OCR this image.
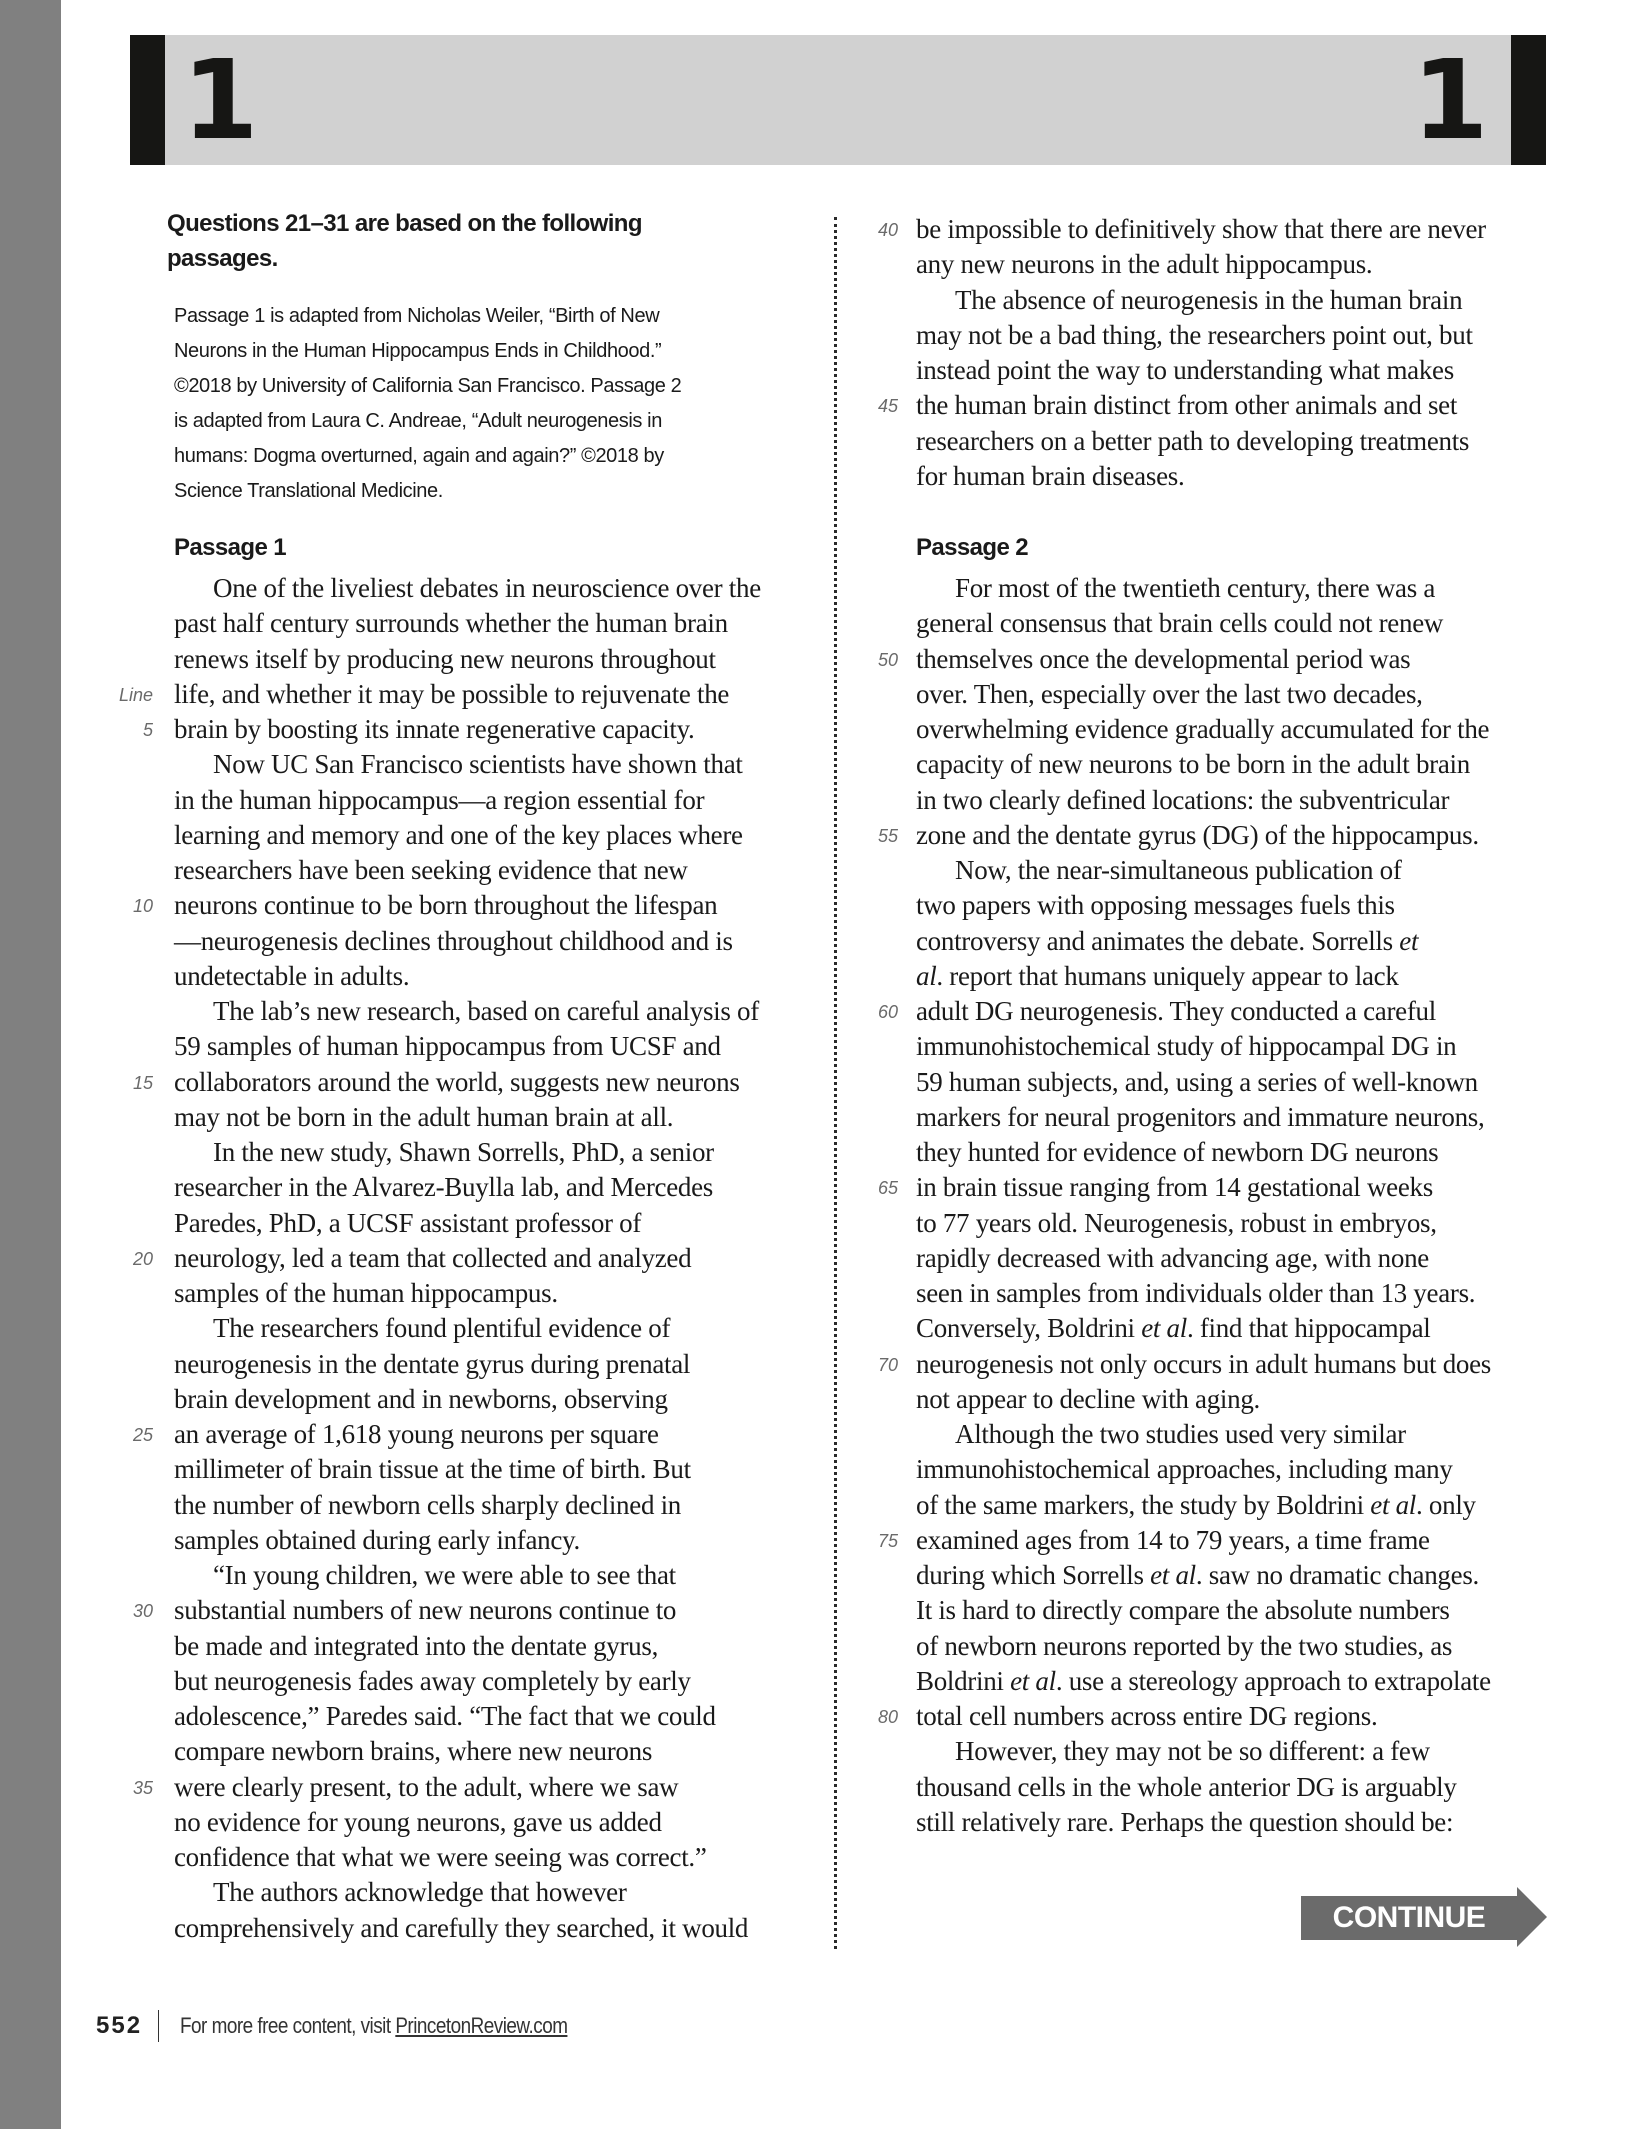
1	1
Questions 21–31 are based on the following
passages.
Passage 1 is adapted from Nicholas Weiler, “Birth of New
Neurons in the Human Hippocampus Ends in Childhood.”
©2018 by University of California San Francisco. Passage 2
is adapted from Laura C. Andreae, “Adult neurogenesis in
humans: Dogma overturned, again and again?” ©2018 by
Science Translational Medicine.
Passage 1	Passage 2
One of the liveliest debates in neuroscience over the
past half century surrounds whether the human brain
renews itself by producing new neurons throughout
life, and whether it may be possible to rejuvenate the
Line
brain by boosting its innate regenerative capacity.
5
Now UC San Francisco scientists have shown that
in the human hippocampus—a region essential for
learning and memory and one of the key places where
researchers have been seeking evidence that new
neurons continue to be born throughout the lifespan
10
—neurogenesis declines throughout childhood and is
undetectable in adults.
The lab’s new research, based on careful analysis of
59 samples of human hippocampus from UCSF and
collaborators around the world, suggests new neurons
15
may not be born in the adult human brain at all.
In the new study, Shawn Sorrells, PhD, a senior
researcher in the Alvarez-Buylla lab, and Mercedes
Paredes, PhD, a UCSF assistant professor of
neurology, led a team that collected and analyzed
20
samples of the human hippocampus.
The researchers found plentiful evidence of
neurogenesis in the dentate gyrus during prenatal
brain development and in newborns, observing
an average of 1,618 young neurons per square
25
millimeter of brain tissue at the time of birth. But
the number of newborn cells sharply declined in
samples obtained during early infancy.
“In young children, we were able to see that
substantial numbers of new neurons continue to
30
be made and integrated into the dentate gyrus,
but neurogenesis fades away completely by early
adolescence,” Paredes said. “The fact that we could
compare newborn brains, where new neurons
were clearly present, to the adult, where we saw
35
no evidence for young neurons, gave us added
confidence that what we were seeing was correct.”
The authors acknowledge that however
comprehensively and carefully they searched, it would
be impossible to definitively show that there are never
40
any new neurons in the adult hippocampus.
The absence of neurogenesis in the human brain
may not be a bad thing, the researchers point out, but
instead point the way to understanding what makes
the human brain distinct from other animals and set
45
researchers on a better path to developing treatments
for human brain diseases.
For most of the twentieth century, there was a
general consensus that brain cells could not renew
themselves once the developmental period was
50
over. Then, especially over the last two decades,
overwhelming evidence gradually accumulated for the
capacity of new neurons to be born in the adult brain
in two clearly defined locations: the subventricular
zone and the dentate gyrus (DG) of the hippocampus.
55
Now, the near-simultaneous publication of
two papers with opposing messages fuels this
controversy and animates the debate. Sorrells et
al. report that humans uniquely appear to lack
adult DG neurogenesis. They conducted a careful
60
immunohistochemical study of hippocampal DG in
59 human subjects, and, using a series of well-known
markers for neural progenitors and immature neurons,
they hunted for evidence of newborn DG neurons
in brain tissue ranging from 14 gestational weeks
65
to 77 years old. Neurogenesis, robust in embryos,
rapidly decreased with advancing age, with none
seen in samples from individuals older than 13 years.
Conversely, Boldrini et al. find that hippocampal
neurogenesis not only occurs in adult humans but does
70
not appear to decline with aging.
Although the two studies used very similar
immunohistochemical approaches, including many
of the same markers, the study by Boldrini et al. only
examined ages from 14 to 79 years, a time frame
75
during which Sorrells et al. saw no dramatic changes.
It is hard to directly compare the absolute numbers
of newborn neurons reported by the two studies, as
Boldrini et al. use a stereology approach to extrapolate
total cell numbers across entire DG regions.
80
However, they may not be so different: a few
thousand cells in the whole anterior DG is arguably
still relatively rare. Perhaps the question should be:
CONTINUE
552 For more free content, visit PrincetonReview.com
